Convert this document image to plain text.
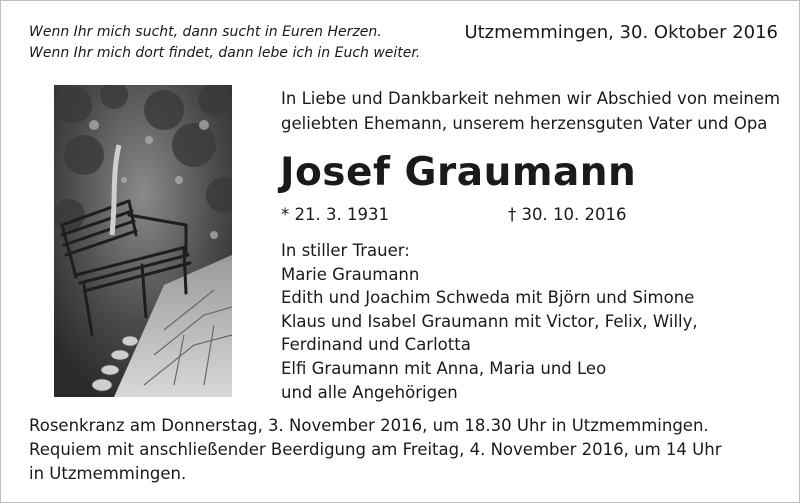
Wenn Ihr mich sucht, dann sucht in Euren Herzen.
Wenn Ihr mich dort findet, dann lebe ich in Euch weiter.
Utzmemmingen, 30. Oktober 2016
In Liebe und Dankbarkeit nehmen wir Abschied von meinem
geliebten Ehemann, unserem herzensguten Vater und Opa
Josef Graumann
* 21. 3. 1931	† 30. 10. 2016
In stiller Trauer:
Marie Graumann
Edith und Joachim Schweda mit Björn und Simone
Klaus und Isabel Graumann mit Victor, Felix, Willy,
Ferdinand und Carlotta
Elfi Graumann mit Anna, Maria und Leo
und alle Angehörigen
Rosenkranz am Donnerstag, 3. November 2016, um 18.30 Uhr in Utzmemmingen.
Requiem mit anschließender Beerdigung am Freitag, 4. November 2016, um 14 Uhr
in Utzmemmingen.
